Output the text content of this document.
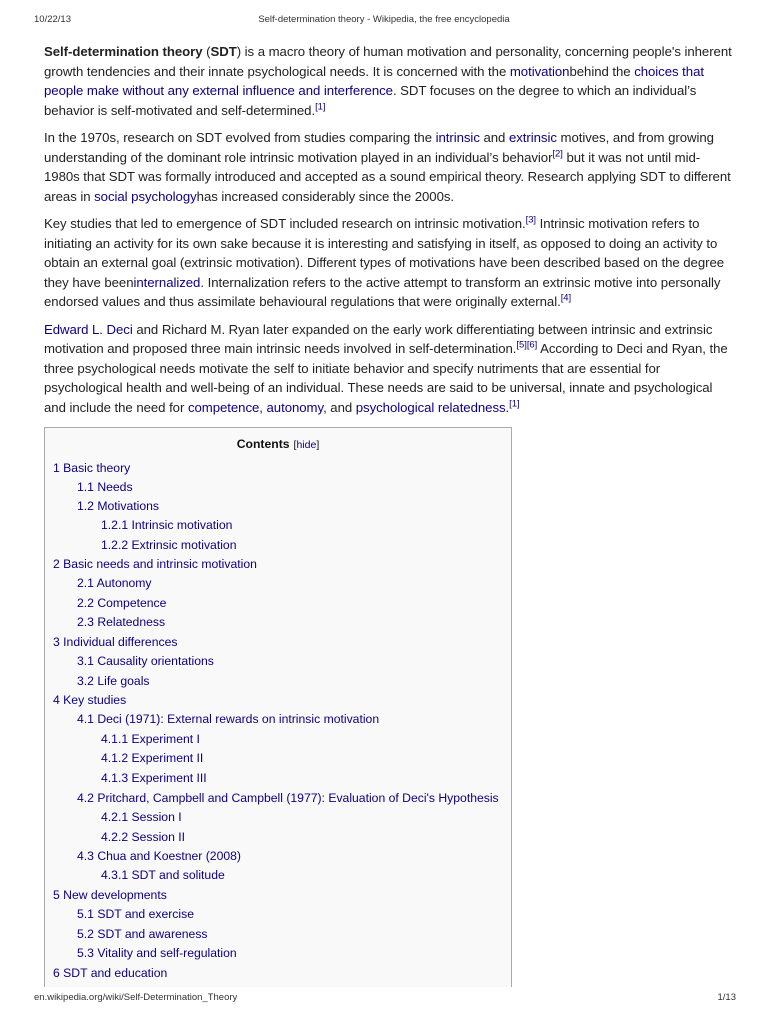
10/22/13	Self-determination theory - Wikipedia, the free encyclopedia

Self-determination theory (SDT) is a macro theory of human motivation and personality, concerning people's inherent growth tendencies and their innate psychological needs. It is concerned with the motivationbehind the choices that people make without any external influence and interference. SDT focuses on the degree to which an individual’s behavior is self-motivated and self-determined.[1]

In the 1970s, research on SDT evolved from studies comparing the intrinsic and extrinsic motives, and from growing understanding of the dominant role intrinsic motivation played in an individual’s behavior[2] but it was not until mid-1980s that SDT was formally introduced and accepted as a sound empirical theory. Research applying SDT to different areas in social psychologyhas increased considerably since the 2000s.

Key studies that led to emergence of SDT included research on intrinsic motivation.[3] Intrinsic motivation refers to initiating an activity for its own sake because it is interesting and satisfying in itself, as opposed to doing an activity to obtain an external goal (extrinsic motivation). Different types of motivations have been described based on the degree they have beeninternalized. Internalization refers to the active attempt to transform an extrinsic motive into personally endorsed values and thus assimilate behavioural regulations that were originally external.[4]

Edward L. Deci and Richard M. Ryan later expanded on the early work differentiating between intrinsic and extrinsic motivation and proposed three main intrinsic needs involved in self-determination.[5][6] According to Deci and Ryan, the three psychological needs motivate the self to initiate behavior and specify nutriments that are essential for psychological health and well-being of an individual. These needs are said to be universal, innate and psychological and include the need for competence, autonomy, and psychological relatedness.[1]

Contents [hide]
1 Basic theory
1.1 Needs
1.2 Motivations
1.2.1 Intrinsic motivation
1.2.2 Extrinsic motivation
2 Basic needs and intrinsic motivation
2.1 Autonomy
2.2 Competence
2.3 Relatedness
3 Individual differences
3.1 Causality orientations
3.2 Life goals
4 Key studies
4.1 Deci (1971): External rewards on intrinsic motivation
4.1.1 Experiment I
4.1.2 Experiment II
4.1.3 Experiment III
4.2 Pritchard, Campbell and Campbell (1977): Evaluation of Deci's Hypothesis
4.2.1 Session I
4.2.2 Session II
4.3 Chua and Koestner (2008)
4.3.1 SDT and solitude
5 New developments
5.1 SDT and exercise
5.2 SDT and awareness
5.3 Vitality and self-regulation
6 SDT and education
en.wikipedia.org/wiki/Self-Determination_Theory	1/13
